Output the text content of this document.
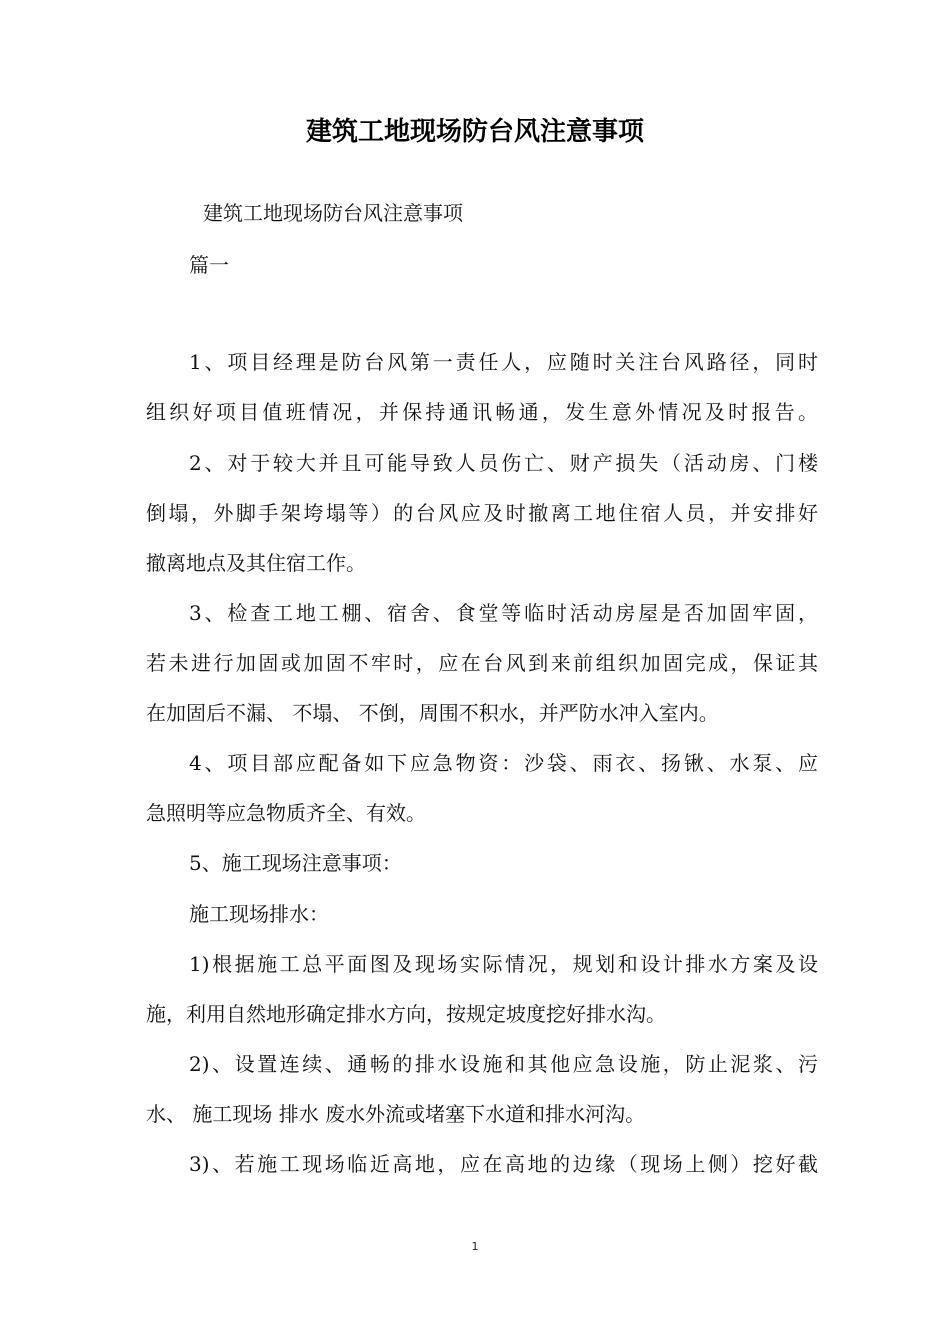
建筑工地现场防台风注意事项
建筑工地现场防台风注意事项
篇一
1、项目经理是防台风第一责任人，应随时关注台风路径，同时
组织好项目值班情况，并保持通讯畅通，发生意外情况及时报告。
2、对于较大并且可能导致人员伤亡、财产损失（活动房、门楼
倒塌，外脚手架垮塌等）的台风应及时撤离工地住宿人员，并安排好
撤离地点及其住宿工作。
3、检查工地工棚、宿舍、食堂等临时活动房屋是否加固牢固，
若未进行加固或加固不牢时，应在台风到来前组织加固完成，保证其
在加固后不漏、 不塌、 不倒，周围不积水，并严防水冲入室内。
4、项目部应配备如下应急物资：沙袋、雨衣、扬锹、水泵、应
急照明等应急物质齐全、有效。
5、施工现场注意事项：
施工现场排水：
1)根据施工总平面图及现场实际情况，规划和设计排水方案及设
施，利用自然地形确定排水方向，按规定坡度挖好排水沟。
2)、设置连续、通畅的排水设施和其他应急设施，防止泥浆、污
水、 施工现场 排水 废水外流或堵塞下水道和排水河沟。
3)、若施工现场临近高地，应在高地的边缘（现场上侧）挖好截
1
